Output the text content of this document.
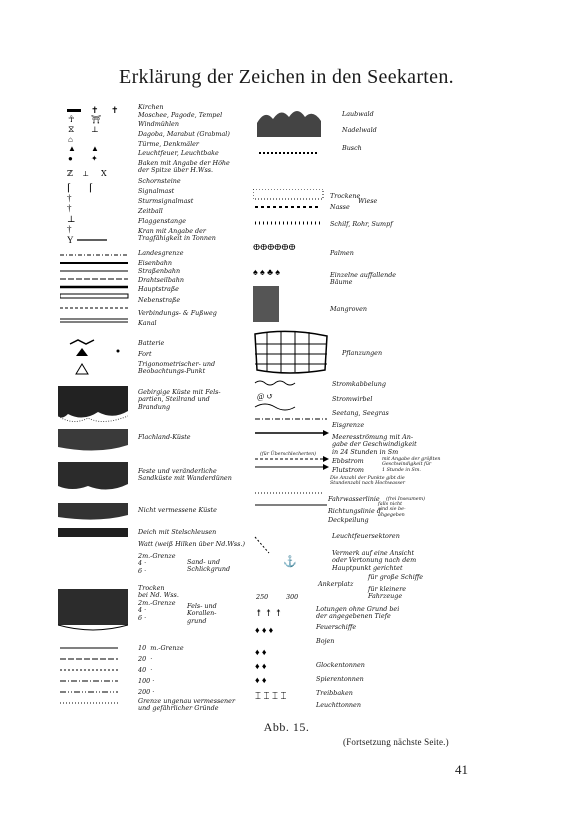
Erklärung der Zeichen in den Seekarten.
✝ ✝
☥ ⛩
⧖ ⊥
⌂
▲ ▲
● ✦
ℤ ⟂ Ⅹ
⌈ ⌈
†
†
⊥
†
Y
Kirchen
Moschee, Pagode, Tempel
Windmühlen
Dagoba, Marabut (Grabmal)
Türme, Denkmäler
Leuchtfeuer, Leuchtbake
Baken mit Angabe der Höhe
der Spitze über H.Wss.
Schornsteine
Signalmast
Sturmsignalmast
Zeitball
Flaggenstange
Kran mit Angabe der
Tragfähigkeit in Tonnen
Landesgrenze
Eisenbahn
Straßenbahn
Drahtseilbahn
Hauptstraße
Nebenstraße
Verbindungs- & Fußweg
Kanal
Batterie
Fort
Trigonometrischer- und
Beobachtungs-Punkt
Gebirgige Küste mit Fels-
partien, Steilrand und
Brandung
Flachland-Küste
Feste und veränderliche
Sandküste mit Wanderdünen
Nicht vermessene Küste
Deich mit Stelschleusen
Watt (weiß Hilken über Nd.Wss.)
2m.-Grenze
4 ·
6 ·
Sand- und
Schlickgrund
Trocken
bei Nd. Wss.
2m.-Grenze
4 ·
6 ·
Fels- und
Korallen-
grund
10  m.-Grenze
20  ·
40  ·
100 ·
200 ·
Grenze ungenau vermessener
und gefährlicher Gründe
ⴲⴲⴲⴲⴲⴲ
♠ ♠ ♣ ♠
@ ↺
⚓
↟ ↟ ↟
♦ ♦ ♦
250	300
♦ ♦
♦ ♦
♦ ♦
⌶ ⌶ ⌶ ⌶
Laubwald
Nadelwald
Busch
Trockene
Nasse
Wiese
Schilf, Rohr, Sumpf
Palmen
Einzelne auffallende
Bäume
Mangroven
Pflanzungen
Stromkabbelung
Stromwirbel
Seetang, Seegras
Eisgrenze
Meeresströmung mit An-
gabe der Geschwindigkeit
in 24 Stunden in Sm
(für Überschlecherten)
Ebbstrom
Flutstrom
mit Angabe der größten
Geschwindigkeit für
1 Stunde in Sm.
Die Anzahl der Punkte gibt die
Stundenzahl nach Hochwasser
Fahrwasserlinie (frei Inseumem)
Richtungslinie d.
Deckpeilung
falls nicht
sind sie be-
angegeben
Leuchtfeuersektoren
Vermerk auf eine Ansicht
oder Vertonung nach dem
Hauptpunkt gerichtet
Ankerplatz
für große Schiffe
für kleinere
Fahrzeuge
Lotungen ohne Grund bei
der angegebenen Tiefe
Feuerschiffe
Bojen
Glockentonnen
Spierentonnen
Treibbaken
Leuchttonnen
Abb. 15.
(Fortsetzung nächste Seite.)
41
